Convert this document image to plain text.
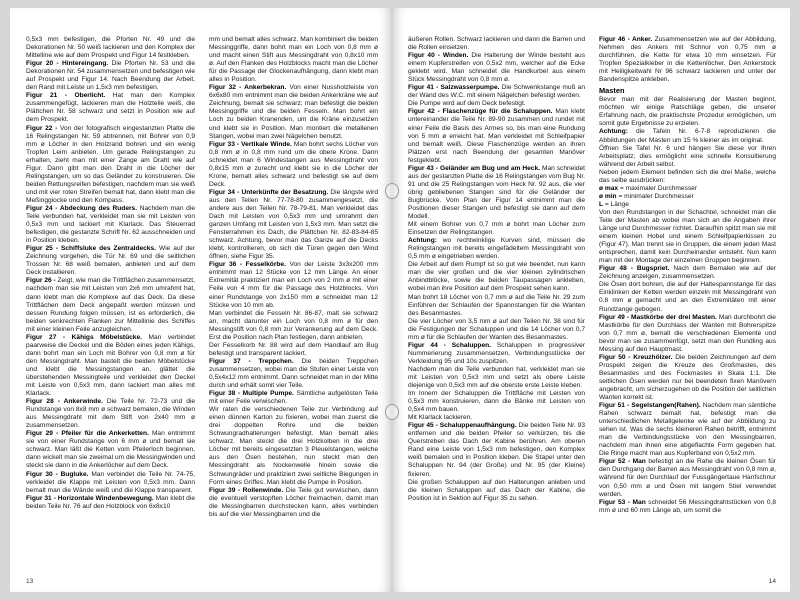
0,5x3 mm befestigen, die Pforten Nr. 49 und die Dekorationen Nr. 50 weiß lackieren und den Komplex der Mittelline wie auf dem Prospekt und Figur 14 festkleben.

Figur 20 - Hintereingang. Die Pforten Nr. 53 und die Dekorationen Nr. 54 zusammensetzen und befestigen wie auf Prospekt und Figur 14. Nach Beendung der Arbeit, den Rand mit Leiste un 1,5x3 mm befestigen.

Figur 21 - Oberlicht. Hat man den Komplex zusammengefügt, lackieren man die Holzteile weiß, die Plättchen Nr. 58 schwarz und setzt in Position wie auf dem Prospekt.

Figur 22 - Von der fotografisch eingestanzten Platte die 16 Relingstangen Nr. 59 abtrennen, mit Bohrer von 0,9 mm ø Löcher in den Holzrand bohren und ein wenig Tropfen Leim anbieten. Um gerade Relingstangen zu erhalten, zieht man mit einer Zange am Draht wie auf Figur. Dann gibt man den Draht in die Löcher der Relingstangen, um so das Geländer zu konstruieren. Die beiden Rettungsreifen befestigen, nachdem man sie weiß und mit vier roten Streifen bemalt hat, dann klebt man die Meßinggiocke und den Kompass.

Figur 24 - Abdeckung des Ruders. Nachdem man die Teile verbunden hat, verkleidet man sie mit Leisten von 0,5x3 mm und lackiert mit Klarlack. Das Steuerrad befestigen, die gestanzte Schrift Nr. 62 ausschneiden und in Position kleben.

Figur 25 - Schiffsluke des Zentraldecks. Wie auf der Zeichnung vorgehen, die Tür Nr. 69 und die seitlichen Trossen Nr. 68 weiß bemalen, anbieten und auf dem Deck installieren.

Figur 26 - Zeigt, wie man die Trittflächen zusammensetzt, nachdem man sie mit Leisten von 2x6 mm umrahmt hat, dann klebt man die Komplexe auf das Deck. Da diese Trittflächen dem Deck angepaßt werden müssen und dessen Rundung folgen müssen, ist es erforderlich, die beiden senkrechten Flanken zur Mittellinie des Schiffes mit einer kleinen Feile anzugleichen.

Figur 27 - Kähigs Möbelstücke. Man verbindet paarweise die Deckel und die Böden eines jeden Kähigs, dann bohrt man ein Loch mit Bohrer von 0,8 mm ø für den Messingdraht. Man bastelt die beiden Möbelstücke und klebt die Messingstangen an, glättet die überstehenden Messingteile und verkleidet den Deckel mit Leiste von 0,5x3 mm, dann lackiert man alles mit Klarlack.

Figur 28 - Ankerwinde. Die Teile Nr. 72-73 und die Rundstange von 8x8 mm ø schwarz bemalen, die Winden aus Messingdraht mit dem Stift von 2x40 mm ø zusammensetzen.

Figur 29 - Pfeiler für die Ankerketten. Man entnimmt sie von einer Rundstange von 6 mm ø und bemalt sie schwarz. Man läßt die Ketten vom Pfeilerloch beginnen, dann wickelt man sie zweimal um die Messingwinden und steckt sie dann in die Ankerlöcher auf dem Deck.

Figur 30 - Bugluke. Man verbindet die Teile Nr. 74-75, verkleidet die Klappe mit Leisten von 0,5x3 mm. Dann bemalt man die Wände weiß und die Klappe transparent.

Figur 31 - Horizontale Windenbewegung. Man klebt die beiden Teile Nr. 76 auf den Holzblock von 6x8x10

mm und bemalt alles schwarz. Man kombiniert die beiden Messinggriffe, dann bohrt man ein Loch von 0,8 mm ø und macht einen Stift aus Messingdraht von 0,8x10 mm ø. Auf den Flanken des Holzblocks macht man die Löcher für die Passage der Glockenaufhängung, dann klebt man alles in Position.

Figur 32 - Ankerbekran. Von einer Nussholzleiste von 6x6x80 mm entnimmt man die beiden Ankerkräne wie auf Zeichnung, bemalt sie schwarz; man befestigt die beiden Messinggriffe und die beiden Fesseln. Man bohrt ein Loch zu beiden Kranenden, um die Kräne einzusetzen und klebt sie in Position. Man montiert die metallenen Stangen, wobei man zwei Nägelchen benutzt.

Figur 33 - Vertikale Winde. Man bohrt sechs Löcher von 0,8 mm ø in 0,8 mm rund um die obere Krone. Dann schneidet man 6 Windestangen aus Messingdraht von 0,8x15 mm ø zurecht und klebt sie in die Löcher der Krone, bemalt alles schwarz und befestigt sie auf dem Deck.

Figur 34 - Unterkünfte der Besatzung. Die längste wird aus den Teilen Nr. 77-78-80 zusammengesetzt, die andere aus den Teilen Nr. 78-79-81. Man verkleidet das Dach mit Leisten von 0,5x3 mm und umrahmt den ganzen Umfang mit Leisten von 1,5x3 mm. Man setzt die Fensterrahmen ins Dach, die Plättchen Nr. 82-83-84-85 schwarz. Achtung, bevor man das Ganze auf die Decks klebt, kontrollieren, ob sich die Türen gegen den Wind öffnen, siehe Figur 35.

Figur 36 - Fesselkörbe. Von der Leiste 3x3x200 mm entnimmt man 12 Stücke von 12 mm Länge. An einer Extremität praktiziert man ein Loch von 2 mm ø mit einer Feile von 4 mm für die Passage des Holzblocks. Von einer Rundstange von 2x150 mm ø schneidet man 12 Stücke von 10 mm ab.

Man verbindet die Fesseln Nr. 86-87, malt sie schwarz an, macht darunter ein Loch von 0,8 mm ø für den Messingstift von 0,8 mm zur Verankerung auf dem Deck. Erst die Position nach Plan festlegen, dann anbieten.

Der Fesselkorb Nr. 88 wird auf dem Handlauf am Bug befestigt und transparent lackiert.

Figur 37 - Treppchen. Die beiden Treppchen zusammensetzen, wobei man die Stufen einer Leiste von 0,5x4x12 mm entnimmt. Dann schneidet man in der Mitte durch und erhält somit vier Teile.

Figur 38 - Multiple Pumpe. Sämtliche aufgelösten Teile mit einer Feile verwischen.

Wir raten die verschiedenen Teile zur Verbindung auf einen dünnen Karton zu fixieren, wobei man zuerst die drei doppelten Rohre und die beiden Schwungradhalterungen befestigt. Man bemalt alles schwarz. Man steckt die drei Holzkolben in die drei Löcher mit bereits eingesetzten 3 Pleuelstangen, welche aus den Ösen bestehen, nun steckt man den Messingdraht als Nockenwelle hinein sowie die Schwungräder und praktiziert zwei seitliche Biegungen in Form eines Griffes. Man klebt die Pumpe in Position.

Figur 39 - Rollenwinde. Die Teile gut verwischen, dann die eventuell verstopften Löcher freimachen, damit man die Messingbarren durchstecken kann, alles verbinden bis auf die vier Messingbarren und die

13

äußeren Rollen. Schwarz lackieren und dann die Barren und die Rollen einsetzen.

Figur 40 - Winden. Die Halterung der Winde besteht aus einem Kupferstreifen von 0,5x2 mm, welcher auf die Ecke geklebt wird. Man schneidet die Handkurbel aus einem Stück Messingdraht von 0,8 mm ø.

Figur 41 - Salzwasserpumpe. Die Schwenkstange muß an der Wand des W.C. mit einem Nägelchen befestigt werden.

Die Pumpe wird auf dem Deck befestigt.

Figur 42 - Flaschenzüge für die Schaluppen. Man klebt untereinander die Teile Nr. 89-90 zusammen und rundet mit einer Feile die Basis des Armes so, bis man eine Rundung von 5 mm ø erreicht hat. Man verkleidet mit Schleifpapier und bemalt weiß. Diese Flaschenzüge werden an ihren Plätzen erst nach Beendung der gesamten Manöver festgeklebt.

Figur 43 - Geländer am Bug und am Heck. Man schneidet aus der gestanzten Platte die 16 Relingstangen vom Bug Nr. 91 und die 25 Relingstangen vom Heck Nr. 92 aus, die vier übrig gebliebenen Stangen sind für die Geländer der Bugbrücke. Vom Plan der Figur 14 entnimmt man die Positionen dieser Stangen und befestigt sie dann auf dem Modell.

Mit einem Bohrer von 0,7 mm ø bohrt man Löcher zum Einsetzen der Relingstangen.

Achtung: wo rechtwinklige Kurven sind, müssen die Relingstangen mit bereits eingefädeltem Messingdraht von 0,5 mm ø eingetrieben werden.

Die Arbeit auf dem Rumpf ist so gut wie beendet, nun kann man die vier großen und die vier kleinen zylindrischen Anbindblöcke, sowie die beiden Taupassagen ankleben, wobei man ihre Position auf dem Prospekt sehen kann.

Man bohrt 18 Löcher von 0,7 mm ø auf die Teile Nr. 29 zum Einführen der Schlaufen der Spannstangen für die Wanten des Besanmastes.

Die vier Löcher von 3,5 mm ø auf den Teilen Nr. 38 sind für die Festigungen der Schaluppen und die 14 Löcher von 0,7 mm ø für die Schlaufen der Wanten des Besanmastes.

Figur 44 - Schaluppen. Schaluppen in progressiver Nummerierung zusammensetzen, Verbindungsstücke der Verkleidung 95 und 10s zuspitzen.

Nachdem man die Teile verbunden hat, verkleidet man sie mit Leisten von 0,5x3 mm und setzt als obere Leiste diejenige von 0,5x3 mm auf die oberste erste Leiste kleben.

Im Innern der Schaluppen die Trittfläche mit Leisten von 0,5x3 mm konstruieren, dann die Bänke mit Leisten von 0,5x4 mm bauen.

Mit Klarlack lackieren.

Figur 45 - Schaluppenaufhängung. Die beiden Teile Nr. 93 entfernen und die beiden Pfeiler so verkürzen, bis die Querstreben das Dach der Kabine berühren. Am oberen Rand eine Leiste von 1,5x3 mm befestigen, den Komplex weiß bemalen und in Position kleben. Die Stapel unter den Schaluppen Nr. 94 (der Große) und Nr. 95 (der Kleine) fixieren.

Die großen Schaluppen auf den Halterungen anleben und die kleinen Schaluppen auf das Dach der Kabine, die Position ist in Sektion auf Figur 35 zu sehen.

Figur 46 - Anker. Zusammensetzen wie auf der Abbildung, Nehmen des Ankers mit Schnur von 0,75 mm ø durchführen, die Kette für etwa 10 mm einsetzen. Für Tropfen Spezialkleber in die Kettenlöcher. Den Ankerstock mit Heiligkeitwahl Nr 96 schwarz lackieren und unter der Bandenspitze ankleben.

Masten

Bevor man mit der Realisierung der Masten beginnt, möchten wir einige Ratschläge geben, die unserer Erfahrung nach, die praktischste Prozedur ermöglichen, um somit gute Ergebnisse zu erzielen.

Achtung: die Tafeln Nr. 6-7-8 reproduzieren die Abbildungen der Masten um 15 % kleiner als im original.

Öffnen Sie Tafel Nr. 6 und hängen Sie diese vor Ihren Arbeitsplatz; dies ermöglicht eine schnelle Konsultierung während der Arbeit selbst.

Neben jedem Element befinden sich die drei Maße, welche das selbe ausdrücken:

ø max = maximaler Durchmesser

ø min = minimaler Durchmesser

L = Länge

Von den Rundstangen in der Schachtel, schneidet man die Teile der Masten ab wobei man sich an die Angaben ihrer Länge und Durchmesser richtet. Daraufhin spitzt man sie mit einem kleinen Hobel und einem Schleifpapierkissen zu (Figur 47). Man trennt sie in Gruppen, die einem jeden Mast entsprechen, damit kein Durcheinander entsteht. Nun kann man mit der Montage der einzelnen Gruppen beginnen.

Figur 48 - Bugspriet. Nach dem Bemalen wie auf der Zeichnung anzeigen, zusammensetzen.

Die Ösen dort bohren, die auf der Haltespannstange für das Einklinken der Ketten werden einzeln mit Messingdraht von 0,8 mm ø gemacht und an den Extremitäten mit einer Rundzange gebogen.

Figur 49 - Mastkörbe der drei Masten. Man durchbohrt die Mastkörbe für den Durchlass der Wanten mit Bohrerspitze von 0,7 mm ø, bemalt die verschiedenen Elemente und bevor man sie zusammenfügt, setzt man den Rundling aus Messing auf den Hauptmast.

Figur 50 - Kreuzhölzer. Die beiden Zeichnungen auf dem Prospekt zeigen die Kreuze des Großmastes, des Besanmastes und des Fockmastes in Skala 1:1. Die seitlichen Ösen werden nur bei beendeten fixen Manövern angebracht, um sicherzugehen ob die Position der seitlichen Wanten korrekt ist.

Figur 51 - Segelstangen(Rahen). Nachdem man sämtliche Rahen schwarz bemalt hat, befestigt man die unterschiedlichen Metallgelenke wie auf der Abbildung zu sehen ist. Was die sechs kleineren Rahen betrifft, entnimmt man die Verbindungsstücke von den Messingbarren, nachdem man ihnen eine abgeflachte Form gegeben hat. Die Ringe macht man aus Kupferband von 0,5x2 mm.

Figur 52 - Man befestigt an die Rahe die kleinen Ösen für den Durchgang der Barren aus Messingdraht von 0,8 mm ø, während für den Durchlauf der Fussgängertaue Hanfschnur von 0,50 mm ø und Ösen mit langem Stiel verwendet werden.

Figur 53 - Man schneidet 56 Messingdrahtstücken von 0,8 mm ø und 60 mm Länge ab, um somit die

14
